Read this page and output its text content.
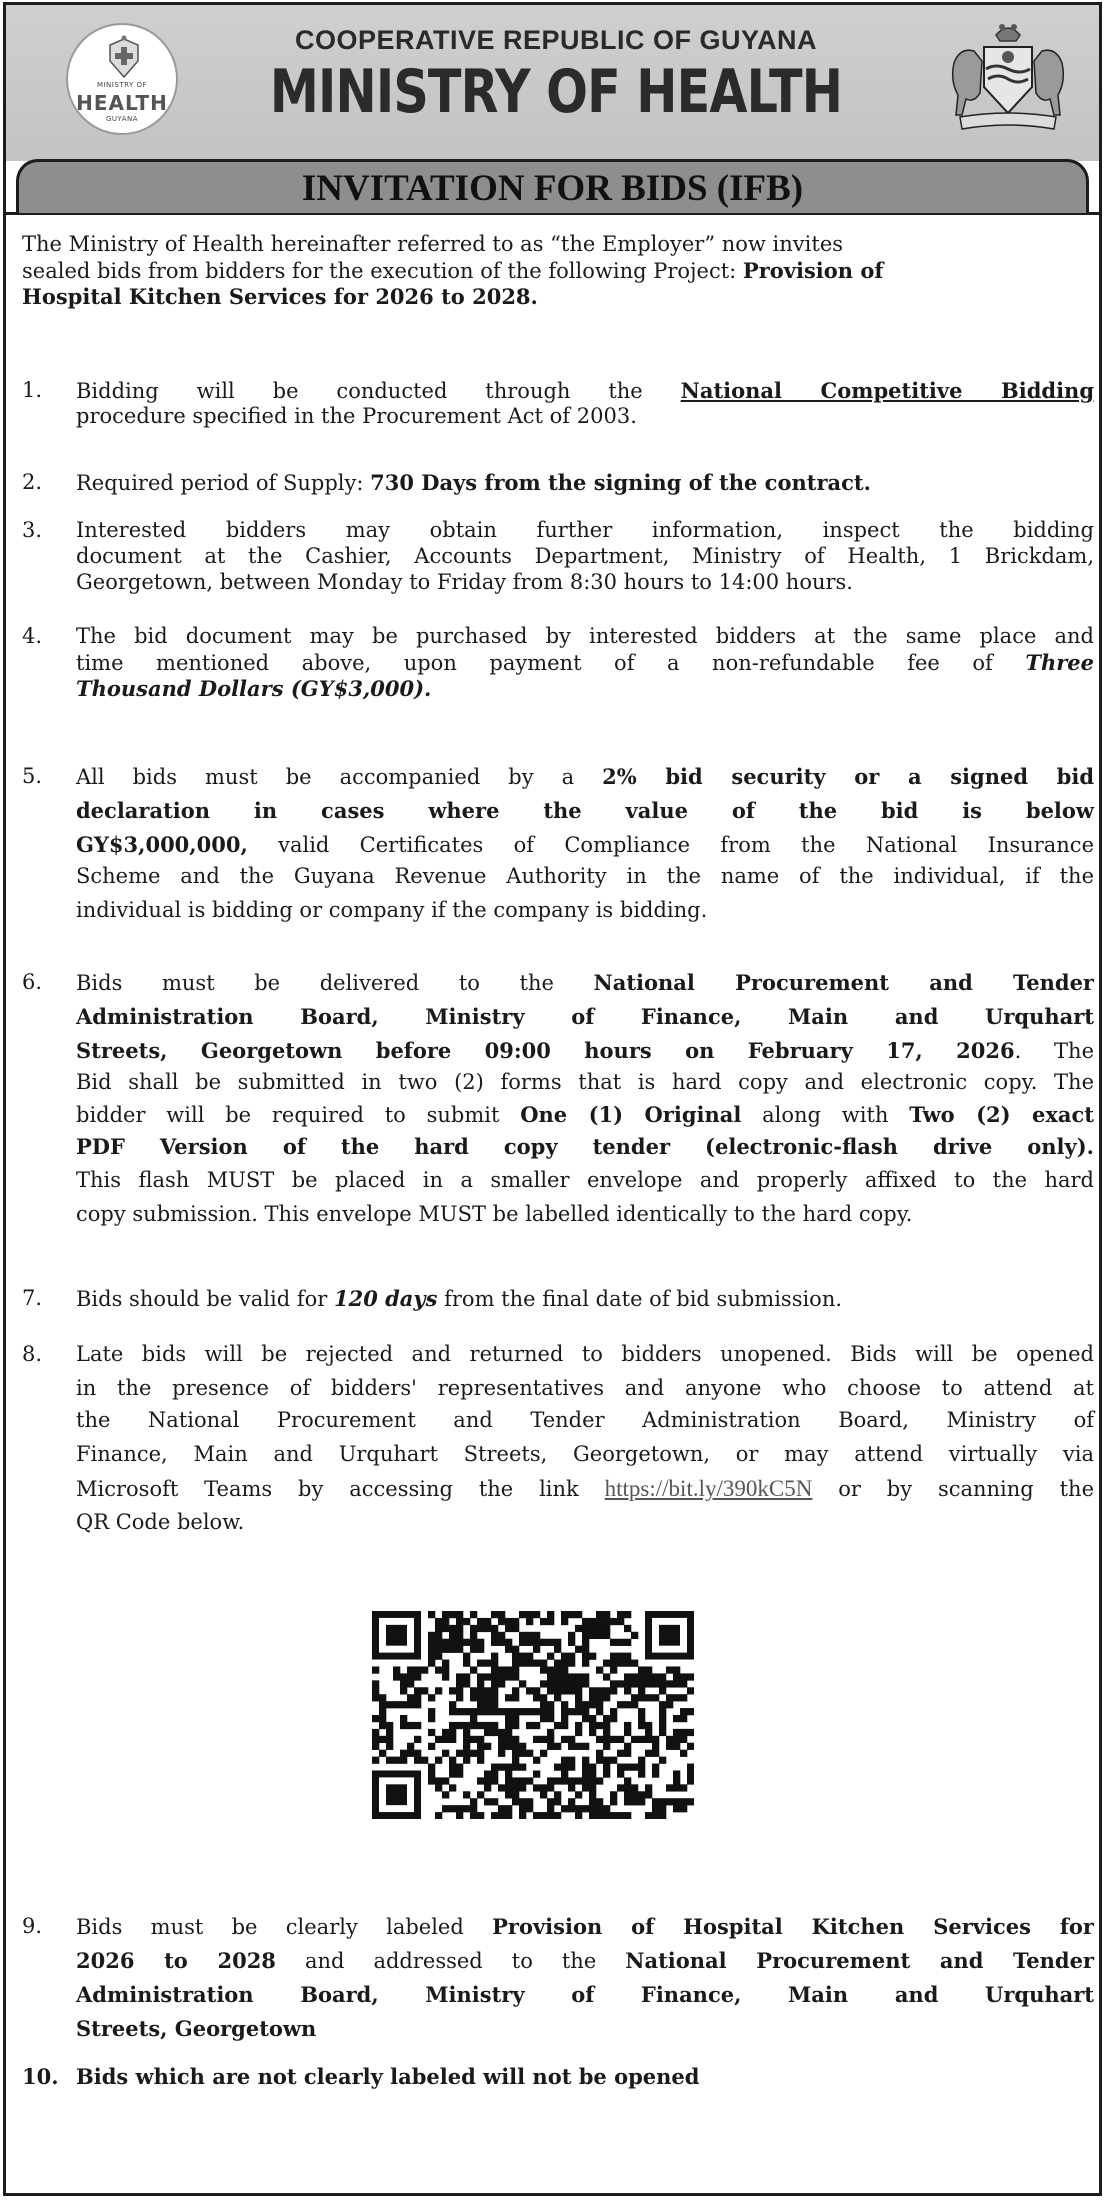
MINISTRY OF
HEALTH
GUYANA
COOPERATIVE REPUBLIC OF GUYANA
MINISTRY OF HEALTH
INVITATION FOR BIDS (IFB)
The Ministry of Health hereinafter referred to as “the Employer” now invites
sealed bids from bidders for the execution of the following Project: Provision of
Hospital Kitchen Services for 2026 to 2028.
1. Bidding will be conducted through the National Competitive Bidding
procedure specified in the Procurement Act of 2003.
2. Required period of Supply: 730 Days from the signing of the contract.
3. Interested bidders may obtain further information, inspect the bidding
document at the Cashier, Accounts Department, Ministry of Health, 1 Brickdam,
Georgetown, between Monday to Friday from 8:30 hours to 14:00 hours.
4. The bid document may be purchased by interested bidders at the same place and
time mentioned above, upon payment of a non-refundable fee of Three
Thousand Dollars (GY$3,000).
5. All bids must be accompanied by a 2% bid security or a signed bid
declaration in cases where the value of the bid is below
GY$3,000,000, valid Certificates of Compliance from the National Insurance
Scheme and the Guyana Revenue Authority in the name of the individual, if the
individual is bidding or company if the company is bidding.
6. Bids must be delivered to the National Procurement and Tender
Administration Board, Ministry of Finance, Main and Urquhart
Streets, Georgetown before 09:00 hours on February 17, 2026. The
Bid shall be submitted in two (2) forms that is hard copy and electronic copy. The
bidder will be required to submit One (1) Original along with Two (2) exact
PDF Version of the hard copy tender (electronic-flash drive only).
This flash MUST be placed in a smaller envelope and properly affixed to the hard
copy submission. This envelope MUST be labelled identically to the hard copy.
7. Bids should be valid for 120 days from the final date of bid submission.
8. Late bids will be rejected and returned to bidders unopened. Bids will be opened
in the presence of bidders' representatives and anyone who choose to attend at
the National Procurement and Tender Administration Board, Ministry of
Finance, Main and Urquhart Streets, Georgetown, or may attend virtually via
Microsoft Teams by accessing the link https://bit.ly/390kC5N or by scanning the
QR Code below.
9. Bids must be clearly labeled Provision of Hospital Kitchen Services for
2026 to 2028 and addressed to the National Procurement and Tender
Administration Board, Ministry of Finance, Main and Urquhart
Streets, Georgetown
10. Bids which are not clearly labeled will not be opened
